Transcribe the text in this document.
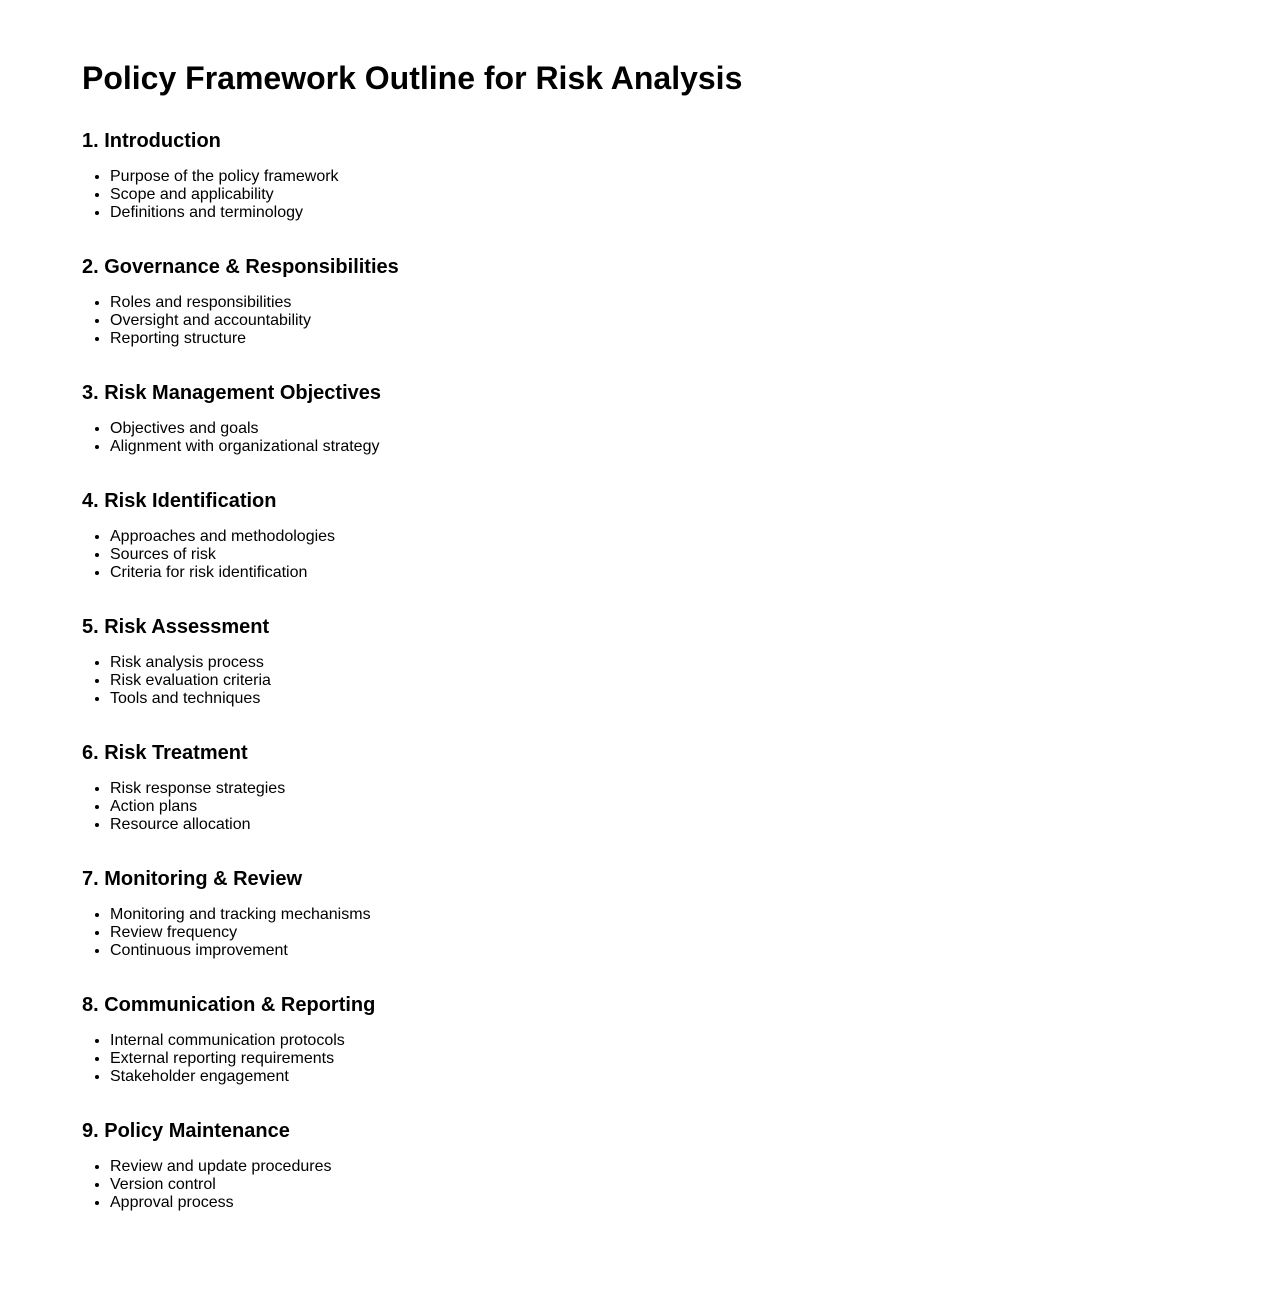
Policy Framework Outline for Risk Analysis
1. Introduction
• Purpose of the policy framework
• Scope and applicability
• Definitions and terminology
2. Governance & Responsibilities
• Roles and responsibilities
• Oversight and accountability
• Reporting structure
3. Risk Management Objectives
• Objectives and goals
• Alignment with organizational strategy
4. Risk Identification
• Approaches and methodologies
• Sources of risk
• Criteria for risk identification
5. Risk Assessment
• Risk analysis process
• Risk evaluation criteria
• Tools and techniques
6. Risk Treatment
• Risk response strategies
• Action plans
• Resource allocation
7. Monitoring & Review
• Monitoring and tracking mechanisms
• Review frequency
• Continuous improvement
8. Communication & Reporting
• Internal communication protocols
• External reporting requirements
• Stakeholder engagement
9. Policy Maintenance
• Review and update procedures
• Version control
• Approval process
